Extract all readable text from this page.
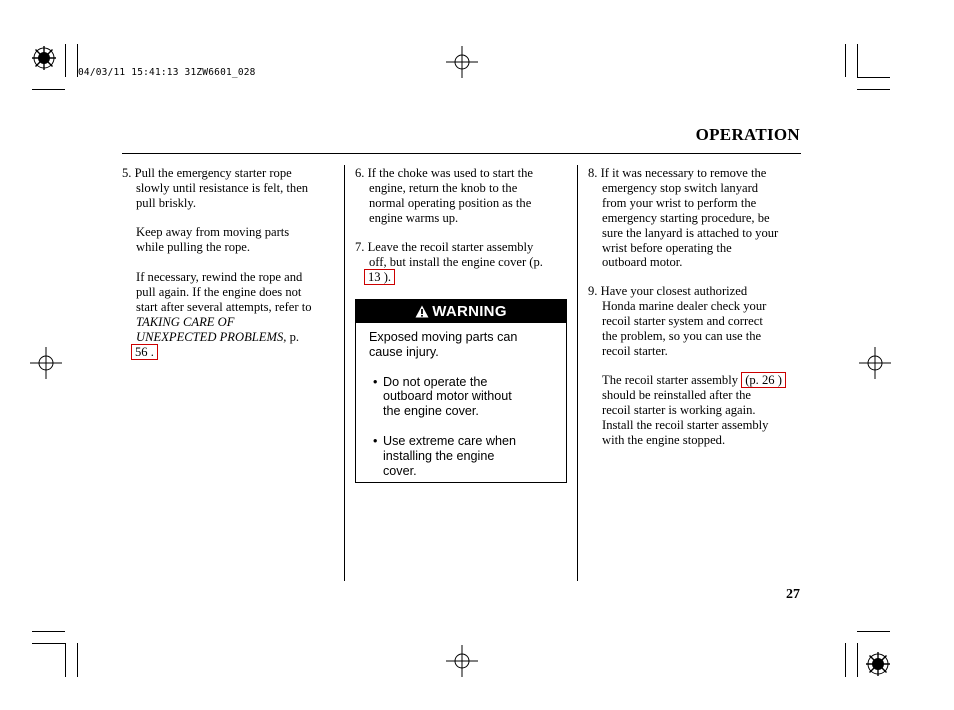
04/03/11 15:41:13 31ZW6601_028
OPERATION
5. Pull the emergency starter rope
slowly until resistance is felt, then
pull briskly.
Keep away from moving parts
while pulling the rope.
If necessary, rewind the rope and
pull again. If the engine does not
start after several attempts, refer to
TAKING CARE OF
UNEXPECTED PROBLEMS, p.
56 .
6. If the choke was used to start the
engine, return the knob to the
normal operating position as the
engine warms up.
7. Leave the recoil starter assembly
off, but install the engine cover (p.
13 ).
WARNING

Exposed moving parts can

cause injury.

• Do not operate the
outboard motor without
the engine cover.
• Use extreme care when
installing the engine
cover.
8. If it was necessary to remove the
emergency stop switch lanyard
from your wrist to perform the
emergency starting procedure, be
sure the lanyard is attached to your
wrist before operating the
outboard motor.
9. Have your closest authorized
Honda marine dealer check your
recoil starter system and correct
the problem, so you can use the
recoil starter.
The recoil starter assembly (p. 26 )
should be reinstalled after the
recoil starter is working again.
Install the recoil starter assembly
with the engine stopped.
27
